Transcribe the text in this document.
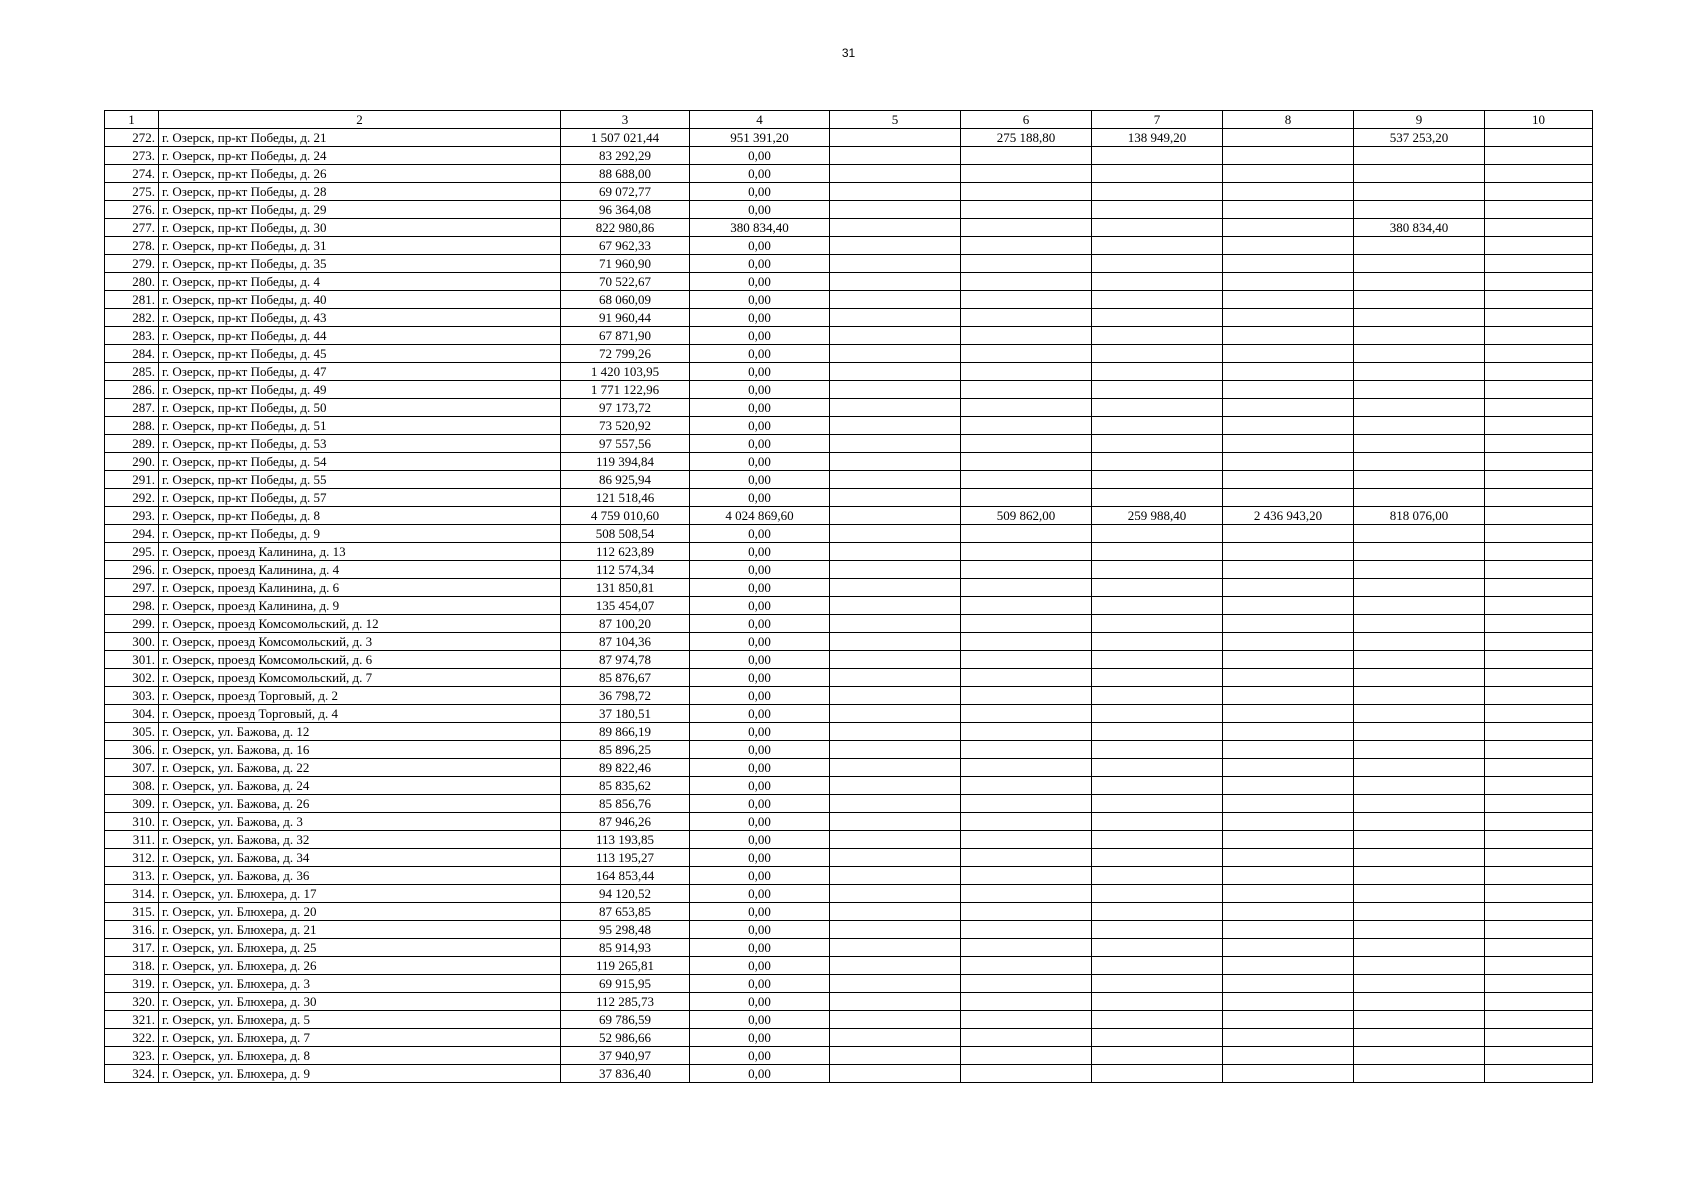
31
1	2	3	4	5	6	7	8	9	10
272.	г. Озерск, пр-кт Победы, д. 21	1 507 021,44	951 391,20		275 188,80	138 949,20		537 253,20	
273.	г. Озерск, пр-кт Победы, д. 24	83 292,29	0,00						
274.	г. Озерск, пр-кт Победы, д. 26	88 688,00	0,00						
275.	г. Озерск, пр-кт Победы, д. 28	69 072,77	0,00						
276.	г. Озерск, пр-кт Победы, д. 29	96 364,08	0,00						
277.	г. Озерск, пр-кт Победы, д. 30	822 980,86	380 834,40					380 834,40	
278.	г. Озерск, пр-кт Победы, д. 31	67 962,33	0,00						
279.	г. Озерск, пр-кт Победы, д. 35	71 960,90	0,00						
280.	г. Озерск, пр-кт Победы, д. 4	70 522,67	0,00						
281.	г. Озерск, пр-кт Победы, д. 40	68 060,09	0,00						
282.	г. Озерск, пр-кт Победы, д. 43	91 960,44	0,00						
283.	г. Озерск, пр-кт Победы, д. 44	67 871,90	0,00						
284.	г. Озерск, пр-кт Победы, д. 45	72 799,26	0,00						
285.	г. Озерск, пр-кт Победы, д. 47	1 420 103,95	0,00						
286.	г. Озерск, пр-кт Победы, д. 49	1 771 122,96	0,00						
287.	г. Озерск, пр-кт Победы, д. 50	97 173,72	0,00						
288.	г. Озерск, пр-кт Победы, д. 51	73 520,92	0,00						
289.	г. Озерск, пр-кт Победы, д. 53	97 557,56	0,00						
290.	г. Озерск, пр-кт Победы, д. 54	119 394,84	0,00						
291.	г. Озерск, пр-кт Победы, д. 55	86 925,94	0,00						
292.	г. Озерск, пр-кт Победы, д. 57	121 518,46	0,00						
293.	г. Озерск, пр-кт Победы, д. 8	4 759 010,60	4 024 869,60		509 862,00	259 988,40	2 436 943,20	818 076,00	
294.	г. Озерск, пр-кт Победы, д. 9	508 508,54	0,00						
295.	г. Озерск, проезд Калинина, д. 13	112 623,89	0,00						
296.	г. Озерск, проезд Калинина, д. 4	112 574,34	0,00						
297.	г. Озерск, проезд Калинина, д. 6	131 850,81	0,00						
298.	г. Озерск, проезд Калинина, д. 9	135 454,07	0,00						
299.	г. Озерск, проезд Комсомольский, д. 12	87 100,20	0,00						
300.	г. Озерск, проезд Комсомольский, д. 3	87 104,36	0,00						
301.	г. Озерск, проезд Комсомольский, д. 6	87 974,78	0,00						
302.	г. Озерск, проезд Комсомольский, д. 7	85 876,67	0,00						
303.	г. Озерск, проезд Торговый, д. 2	36 798,72	0,00						
304.	г. Озерск, проезд Торговый, д. 4	37 180,51	0,00						
305.	г. Озерск, ул. Бажова, д. 12	89 866,19	0,00						
306.	г. Озерск, ул. Бажова, д. 16	85 896,25	0,00						
307.	г. Озерск, ул. Бажова, д. 22	89 822,46	0,00						
308.	г. Озерск, ул. Бажова, д. 24	85 835,62	0,00						
309.	г. Озерск, ул. Бажова, д. 26	85 856,76	0,00						
310.	г. Озерск, ул. Бажова, д. 3	87 946,26	0,00						
311.	г. Озерск, ул. Бажова, д. 32	113 193,85	0,00						
312.	г. Озерск, ул. Бажова, д. 34	113 195,27	0,00						
313.	г. Озерск, ул. Бажова, д. 36	164 853,44	0,00						
314.	г. Озерск, ул. Блюхера, д. 17	94 120,52	0,00						
315.	г. Озерск, ул. Блюхера, д. 20	87 653,85	0,00						
316.	г. Озерск, ул. Блюхера, д. 21	95 298,48	0,00						
317.	г. Озерск, ул. Блюхера, д. 25	85 914,93	0,00						
318.	г. Озерск, ул. Блюхера, д. 26	119 265,81	0,00						
319.	г. Озерск, ул. Блюхера, д. 3	69 915,95	0,00						
320.	г. Озерск, ул. Блюхера, д. 30	112 285,73	0,00						
321.	г. Озерск, ул. Блюхера, д. 5	69 786,59	0,00						
322.	г. Озерск, ул. Блюхера, д. 7	52 986,66	0,00						
323.	г. Озерск, ул. Блюхера, д. 8	37 940,97	0,00						
324.	г. Озерск, ул. Блюхера, д. 9	37 836,40	0,00						
